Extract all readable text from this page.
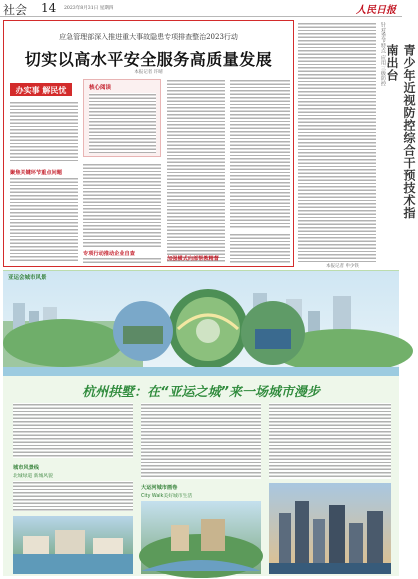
社会 14 2023年8月31日 星期四	人民日报
应急管理部深入推进重大事故隐患专项排查整治2023行动
切实以高水平安全服务高质量发展
本报记者 许晴
办实事 解民忧
聚焦关键环节重点问题
核心阅读
专项行动推动企业自查
加强横式向部帮教精督
针对季节特点 应用三级防控	青少年近视防控综合干预技术指南出台
本报记者 申少铁
亚运会城市风景
杭州拱墅：在“亚运之城”来一场城市漫步
城市风景线
北城绿道 新城风貌
大运河城市画卷
City Walk美好城市生活
